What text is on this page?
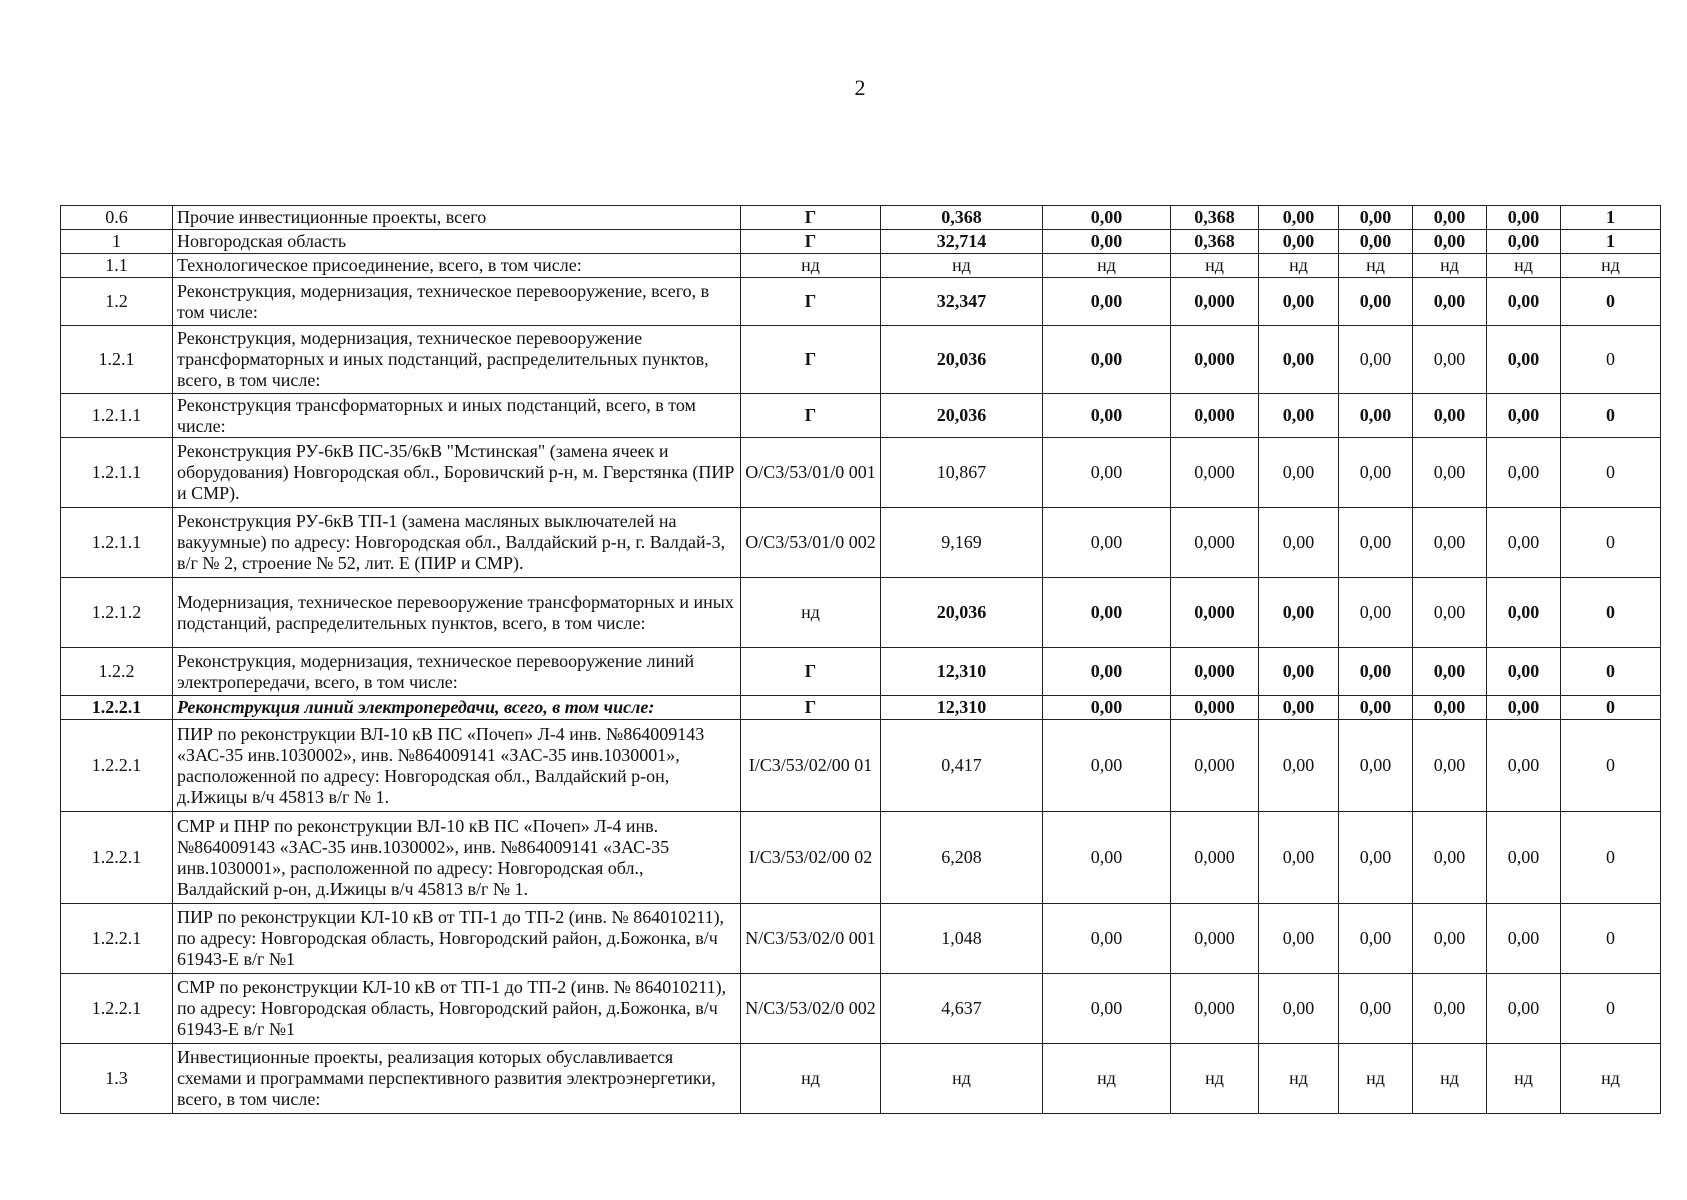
2
0.6	Прочие инвестиционные проекты, всего	Г	0,368	0,00	0,368	0,00	0,00	0,00	0,00	1
1	Новгородская область	Г	32,714	0,00	0,368	0,00	0,00	0,00	0,00	1
1.1	Технологическое присоединение, всего, в том числе:	нд	нд	нд	нд	нд	нд	нд	нд	нд
1.2	Реконструкция, модернизация, техническое перевооружение, всего, в том числе:	Г	32,347	0,00	0,000	0,00	0,00	0,00	0,00	0
1.2.1	Реконструкция, модернизация, техническое перевооружение трансформаторных и иных подстанций, распределительных пунктов, всего, в том числе:	Г	20,036	0,00	0,000	0,00	0,00	0,00	0,00	0
1.2.1.1	Реконструкция трансформаторных и иных подстанций, всего, в том числе:	Г	20,036	0,00	0,000	0,00	0,00	0,00	0,00	0
1.2.1.1	Реконструкция РУ-6кВ ПС-35/6кВ "Мстинская" (замена ячеек и оборудования) Новгородская обл., Боровичский р-н, м. Гверстянка (ПИР и СМР).	O/C3/53/01/0 001	10,867	0,00	0,000	0,00	0,00	0,00	0,00	0
1.2.1.1	Реконструкция РУ-6кВ ТП-1 (замена масляных выключателей на вакуумные) по адресу: Новгородская обл., Валдайский р-н, г. Валдай-3, в/г № 2, строение № 52, лит. Е (ПИР и СМР).	O/C3/53/01/0 002	9,169	0,00	0,000	0,00	0,00	0,00	0,00	0
1.2.1.2	Модернизация, техническое перевооружение трансформаторных и иных подстанций, распределительных пунктов, всего, в том числе:	нд	20,036	0,00	0,000	0,00	0,00	0,00	0,00	0
1.2.2	Реконструкция, модернизация, техническое перевооружение линий электропередачи, всего, в том числе:	Г	12,310	0,00	0,000	0,00	0,00	0,00	0,00	0
1.2.2.1	Реконструкция линий электропередачи, всего, в том числе:	Г	12,310	0,00	0,000	0,00	0,00	0,00	0,00	0
1.2.2.1	ПИР по реконструкции ВЛ-10 кВ ПС «Почеп» Л-4 инв. №864009143 «ЗАС-35 инв.1030002», инв. №864009141 «ЗАС-35 инв.1030001», расположенной по адресу: Новгородская обл., Валдайский р-он, д.Ижицы в/ч 45813 в/г № 1.	I/C3/53/02/00 01	0,417	0,00	0,000	0,00	0,00	0,00	0,00	0
1.2.2.1	СМР и ПНР по реконструкции ВЛ-10 кВ ПС «Почеп» Л-4 инв. №864009143 «ЗАС-35 инв.1030002», инв. №864009141 «ЗАС-35 инв.1030001», расположенной по адресу: Новгородская обл., Валдайский р-он, д.Ижицы в/ч 45813 в/г № 1.	I/C3/53/02/00 02	6,208	0,00	0,000	0,00	0,00	0,00	0,00	0
1.2.2.1	ПИР по реконструкции КЛ-10 кВ от ТП-1 до ТП-2 (инв. № 864010211), по адресу: Новгородская область, Новгородский район, д.Божонка, в/ч 61943-Е в/г №1	N/C3/53/02/0 001	1,048	0,00	0,000	0,00	0,00	0,00	0,00	0
1.2.2.1	СМР по реконструкции КЛ-10 кВ от ТП-1 до ТП-2 (инв. № 864010211), по адресу: Новгородская область, Новгородский район, д.Божонка, в/ч 61943-Е в/г №1	N/C3/53/02/0 002	4,637	0,00	0,000	0,00	0,00	0,00	0,00	0
1.3	Инвестиционные проекты, реализация которых обуславливается схемами и программами перспективного развития электроэнергетики, всего, в том числе:	нд	нд	нд	нд	нд	нд	нд	нд	нд
